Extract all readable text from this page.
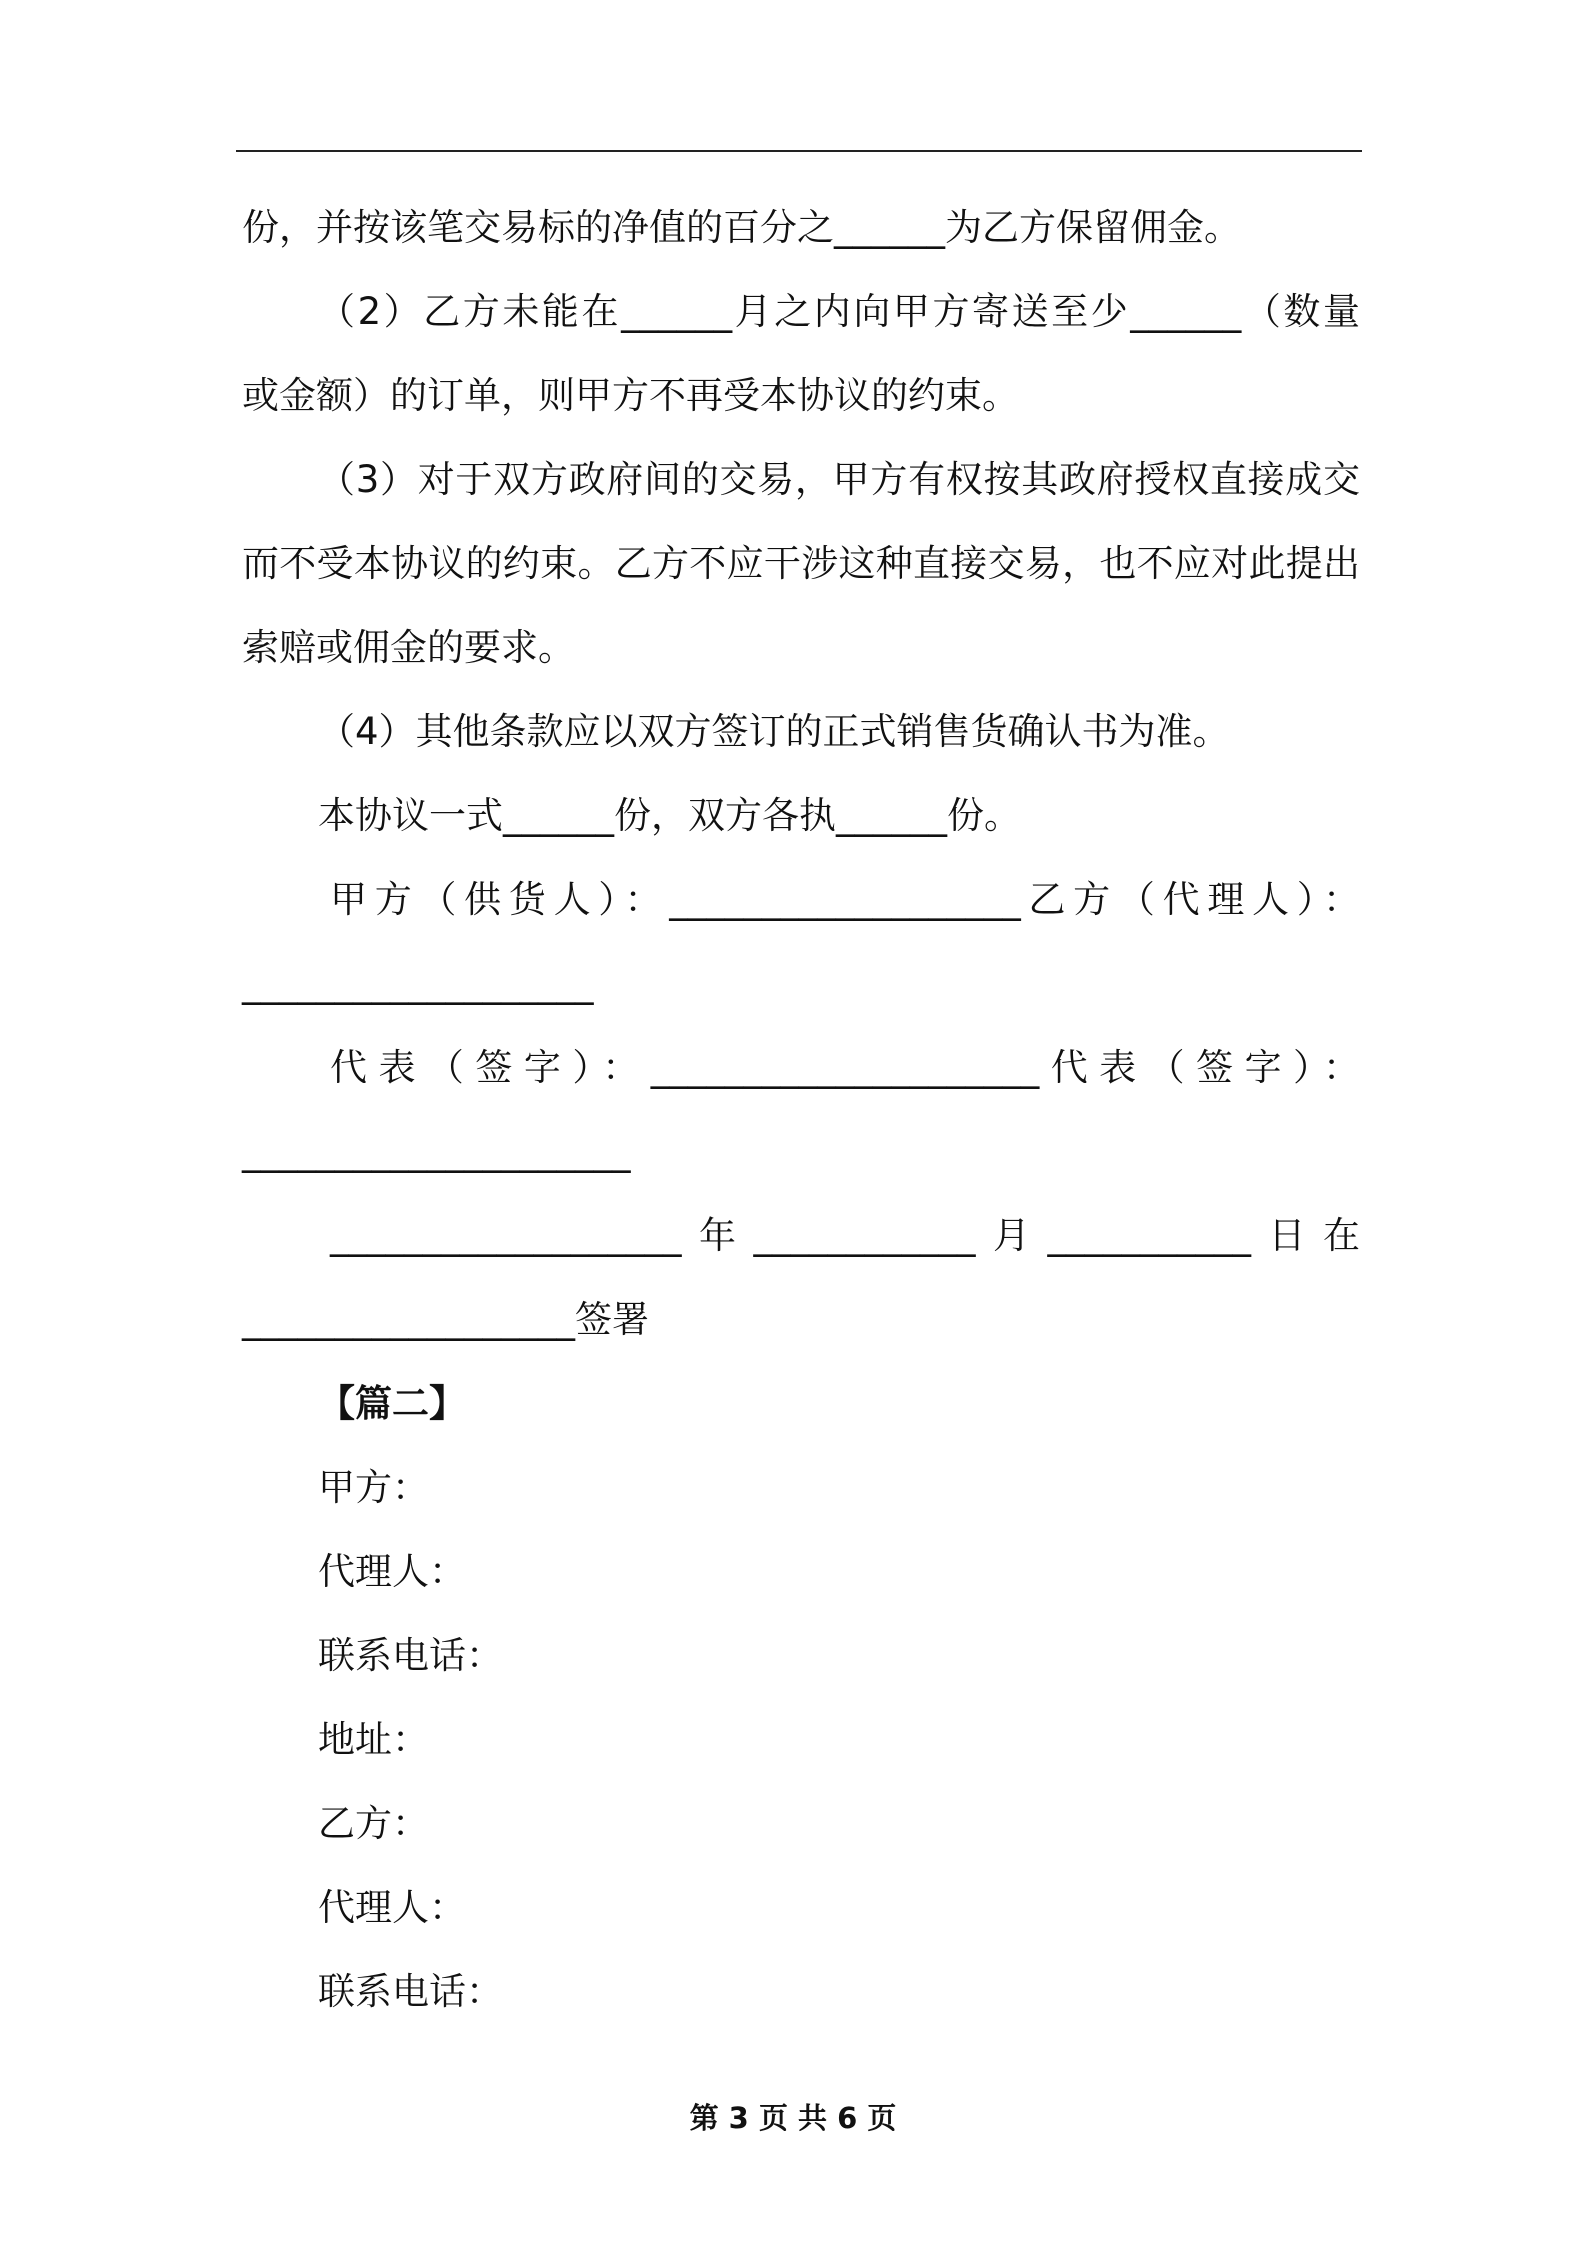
份，并按该笔交易标的净值的百分之______为乙方保留佣金。
（2）乙方未能在______月之内向甲方寄送至少______（数量
或金额）的订单，则甲方不再受本协议的约束。
（3）对于双方政府间的交易，甲方有权按其政府授权直接成交
而不受本协议的约束。乙方不应干涉这种直接交易，也不应对此提出
索赔或佣金的要求。
（4）其他条款应以双方签订的正式销售货确认书为准。
本协议一式______份，双方各执______份。
甲方（供货人）：___________________乙方（代理人）：
___________________
代表（签字）：_____________________代表（签字）：
_____________________
___________________年____________月___________日在
__________________签署
【篇二】
甲方：
代理人：
联系电话：
地址：
乙方：
代理人：
联系电话：
第 3 页 共 6 页
